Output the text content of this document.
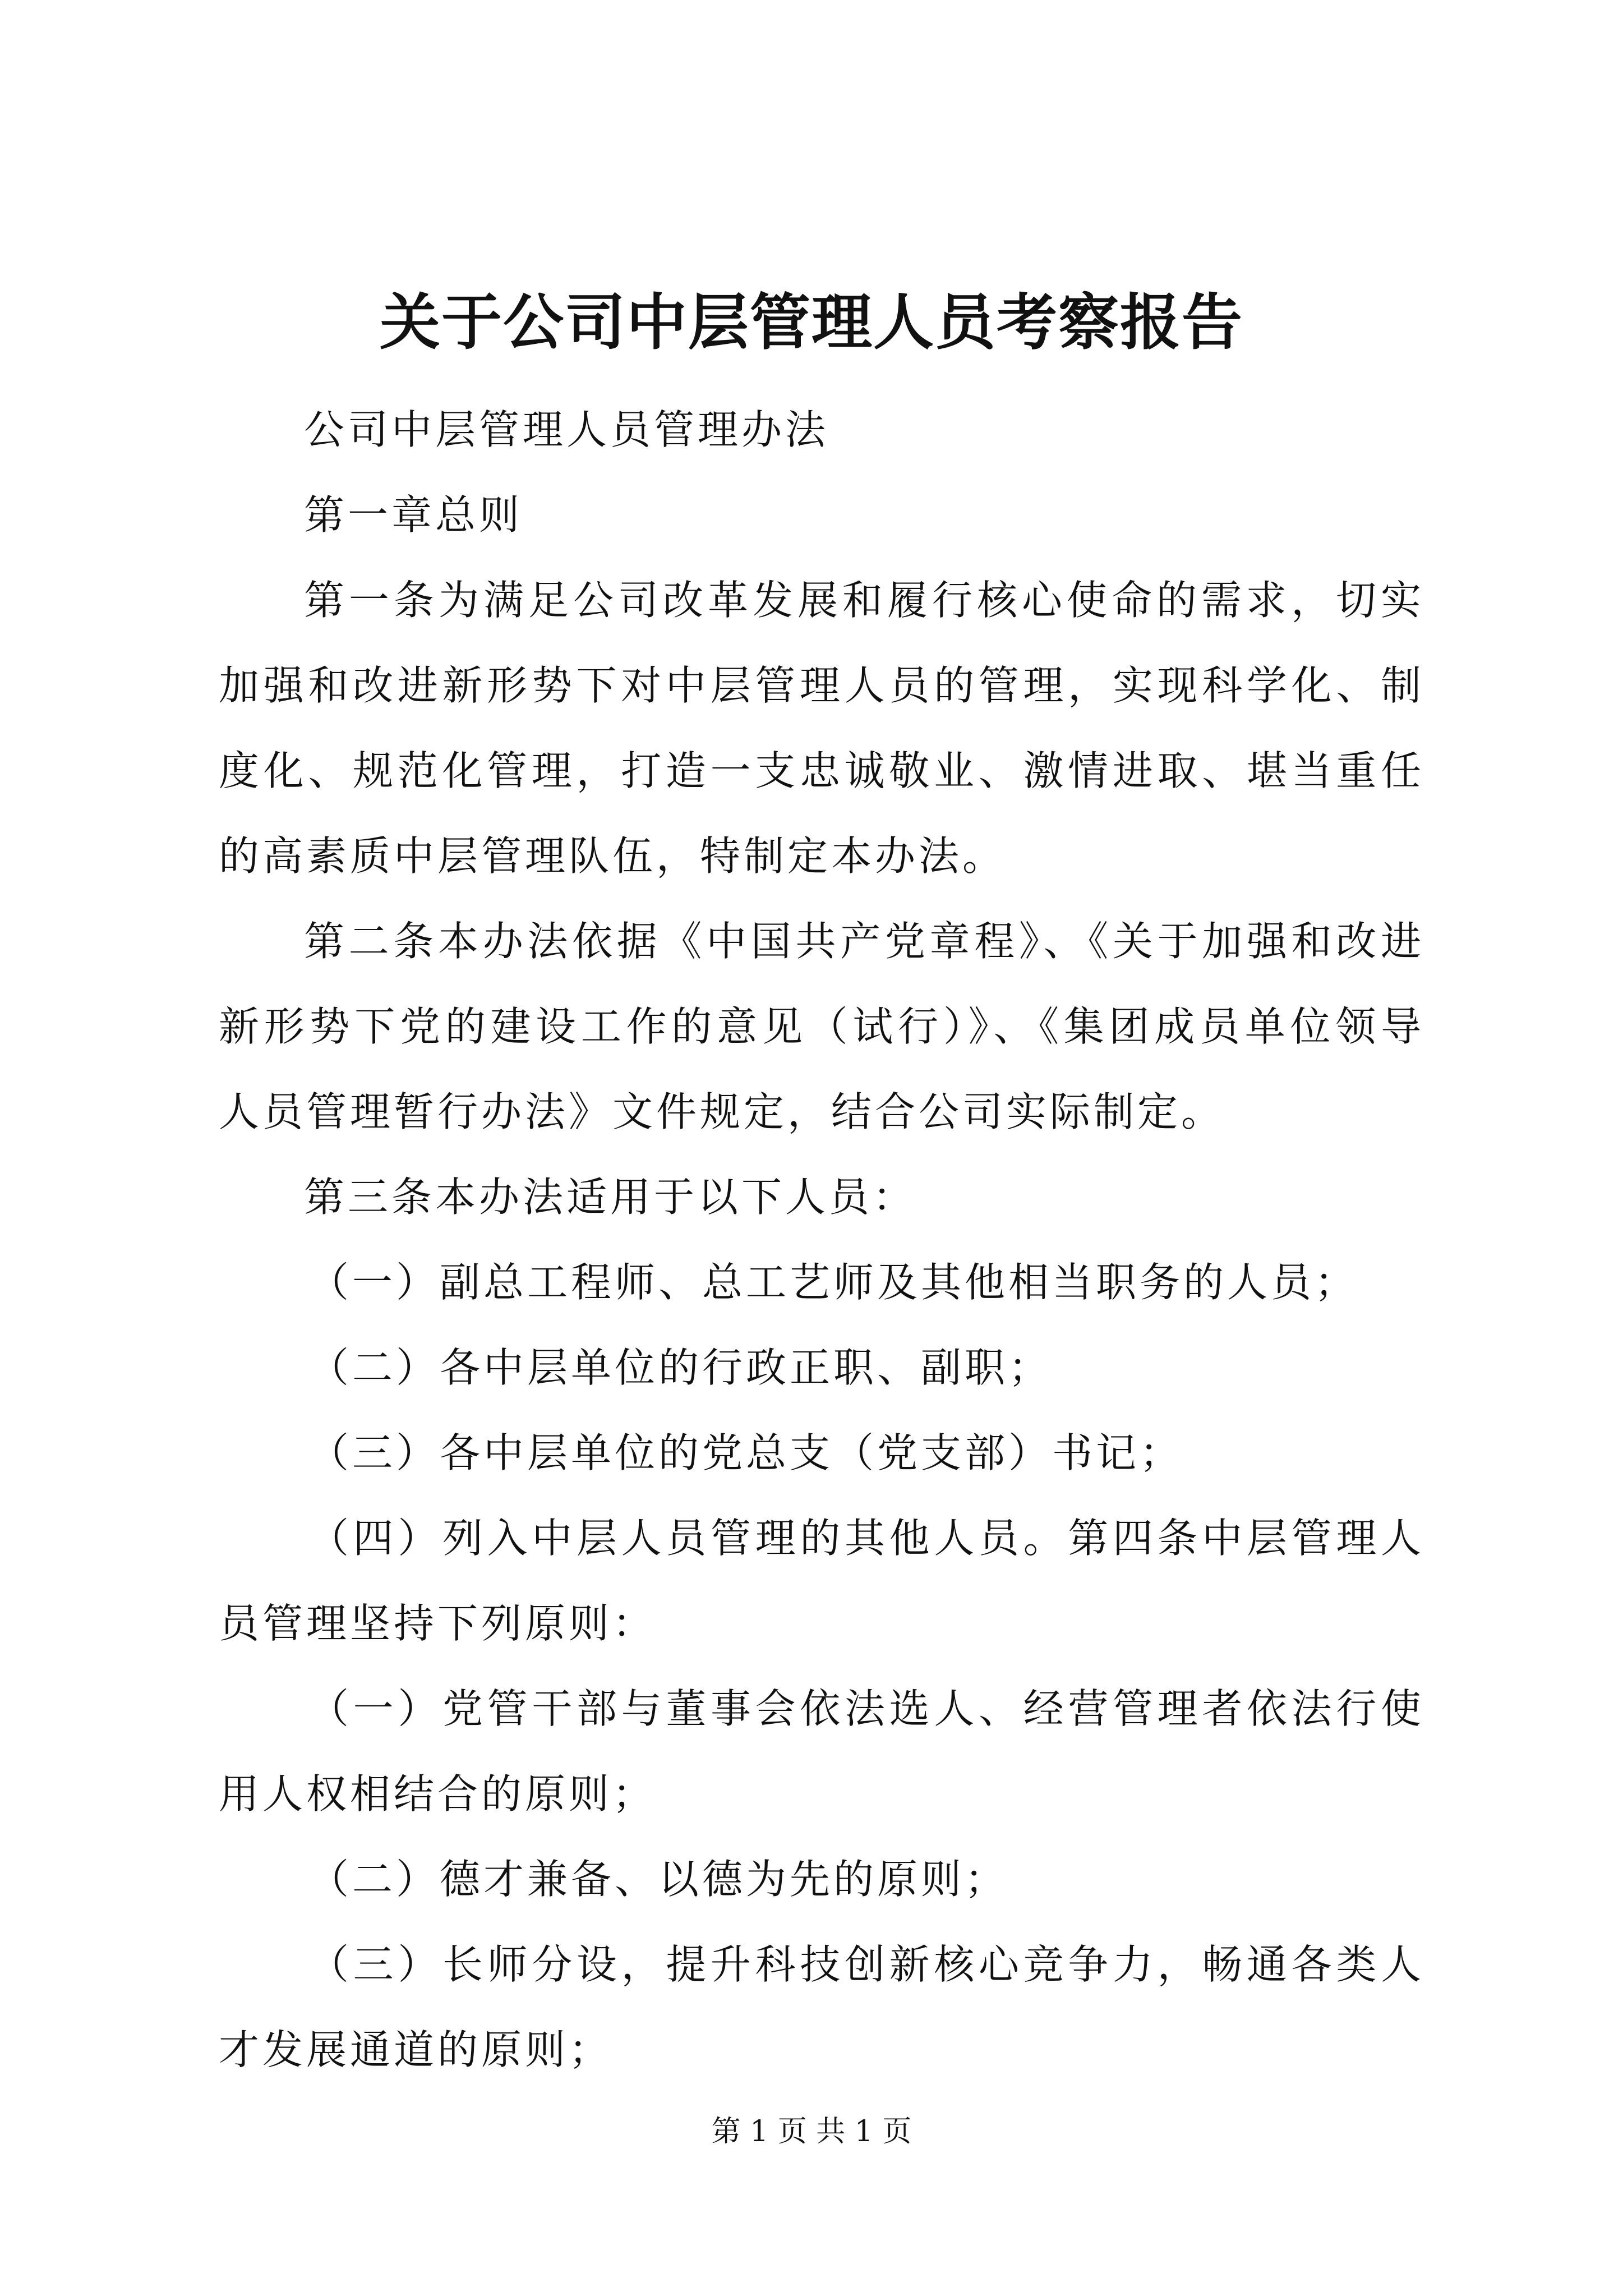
关于公司中层管理人员考察报告

公司中层管理人员管理办法

第一章总则

第一条为满足公司改革发展和履行核心使命的需求，切实加强和改进新形势下对中层管理人员的管理，实现科学化、制度化、规范化管理，打造一支忠诚敬业、激情进取、堪当重任的高素质中层管理队伍，特制定本办法。

第二条本办法依据《中国共产党章程》、《关于加强和改进新形势下党的建设工作的意见（试行）》、《集团成员单位领导人员管理暂行办法》文件规定，结合公司实际制定。

第三条本办法适用于以下人员：

（一）副总工程师、总工艺师及其他相当职务的人员；

（二）各中层单位的行政正职、副职；

（三）各中层单位的党总支（党支部）书记；

（四）列入中层人员管理的其他人员。第四条中层管理人员管理坚持下列原则：

（一）党管干部与董事会依法选人、经营管理者依法行使用人权相结合的原则；

（二）德才兼备、以德为先的原则；

（三）长师分设，提升科技创新核心竞争力，畅通各类人才发展通道的原则；

第 1 页 共 1 页
